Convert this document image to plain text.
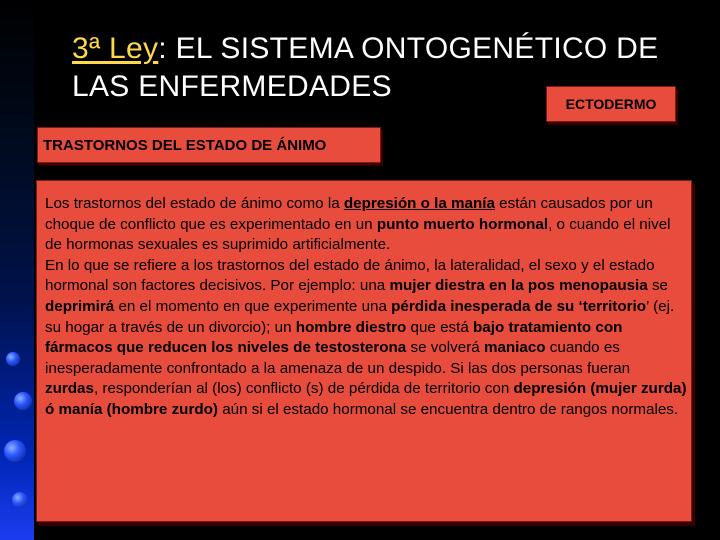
3ª Ley: EL SISTEMA ONTOGENÉTICO DE LAS ENFERMEDADES
ECTODERMO
TRASTORNOS DEL ESTADO DE ÁNIMO

Los trastornos del estado de ánimo como la depresión o la manía están causados por un choque de conflicto que es experimentado en un punto muerto hormonal, o cuando el nivel de hormonas sexuales es suprimido artificialmente.

En lo que se refiere a los trastornos del estado de ánimo, la lateralidad, el sexo y el estado hormonal son factores decisivos. Por ejemplo: una mujer diestra en la pos menopausia se deprimirá en el momento en que experimente una pérdida inesperada de su ‘territorio’ (ej. su hogar a través de un divorcio); un hombre diestro que está bajo tratamiento con fármacos que reducen los niveles de testosterona se volverá maniaco cuando es inesperadamente confrontado a la amenaza de un despido. Si las dos personas fueran zurdas, responderían al (los) conflicto (s) de pérdida de territorio con depresión (mujer zurda) ó manía (hombre zurdo) aún si el estado hormonal se encuentra dentro de rangos normales.
